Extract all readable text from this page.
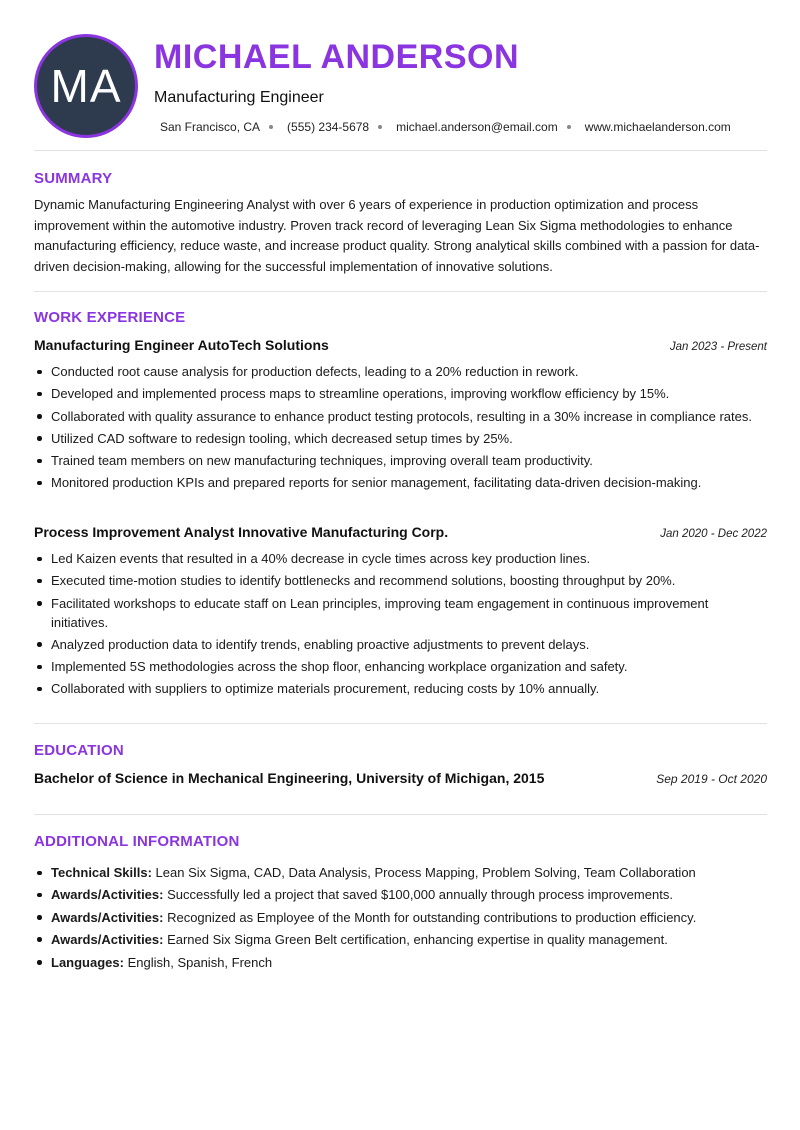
MA
MICHAEL ANDERSON
Manufacturing Engineer
San Francisco, CA (555) 234-5678 michael.anderson@email.com www.michaelanderson.com
SUMMARY
Dynamic Manufacturing Engineering Analyst with over 6 years of experience in production optimization and process improvement within the automotive industry. Proven track record of leveraging Lean Six Sigma methodologies to enhance manufacturing efficiency, reduce waste, and increase product quality. Strong analytical skills combined with a passion for data-driven decision-making, allowing for the successful implementation of innovative solutions.
WORK EXPERIENCE
Manufacturing Engineer AutoTech Solutions	Jan 2023 - Present
Conducted root cause analysis for production defects, leading to a 20% reduction in rework.
Developed and implemented process maps to streamline operations, improving workflow efficiency by 15%.
Collaborated with quality assurance to enhance product testing protocols, resulting in a 30% increase in compliance rates.
Utilized CAD software to redesign tooling, which decreased setup times by 25%.
Trained team members on new manufacturing techniques, improving overall team productivity.
Monitored production KPIs and prepared reports for senior management, facilitating data-driven decision-making.
Process Improvement Analyst Innovative Manufacturing Corp.	Jan 2020 - Dec 2022
Led Kaizen events that resulted in a 40% decrease in cycle times across key production lines.
Executed time-motion studies to identify bottlenecks and recommend solutions, boosting throughput by 20%.
Facilitated workshops to educate staff on Lean principles, improving team engagement in continuous improvement initiatives.
Analyzed production data to identify trends, enabling proactive adjustments to prevent delays.
Implemented 5S methodologies across the shop floor, enhancing workplace organization and safety.
Collaborated with suppliers to optimize materials procurement, reducing costs by 10% annually.
EDUCATION
Bachelor of Science in Mechanical Engineering, University of Michigan, 2015	Sep 2019 - Oct 2020
ADDITIONAL INFORMATION
Technical Skills: Lean Six Sigma, CAD, Data Analysis, Process Mapping, Problem Solving, Team Collaboration
Awards/Activities: Successfully led a project that saved $100,000 annually through process improvements.
Awards/Activities: Recognized as Employee of the Month for outstanding contributions to production efficiency.
Awards/Activities: Earned Six Sigma Green Belt certification, enhancing expertise in quality management.
Languages: English, Spanish, French
